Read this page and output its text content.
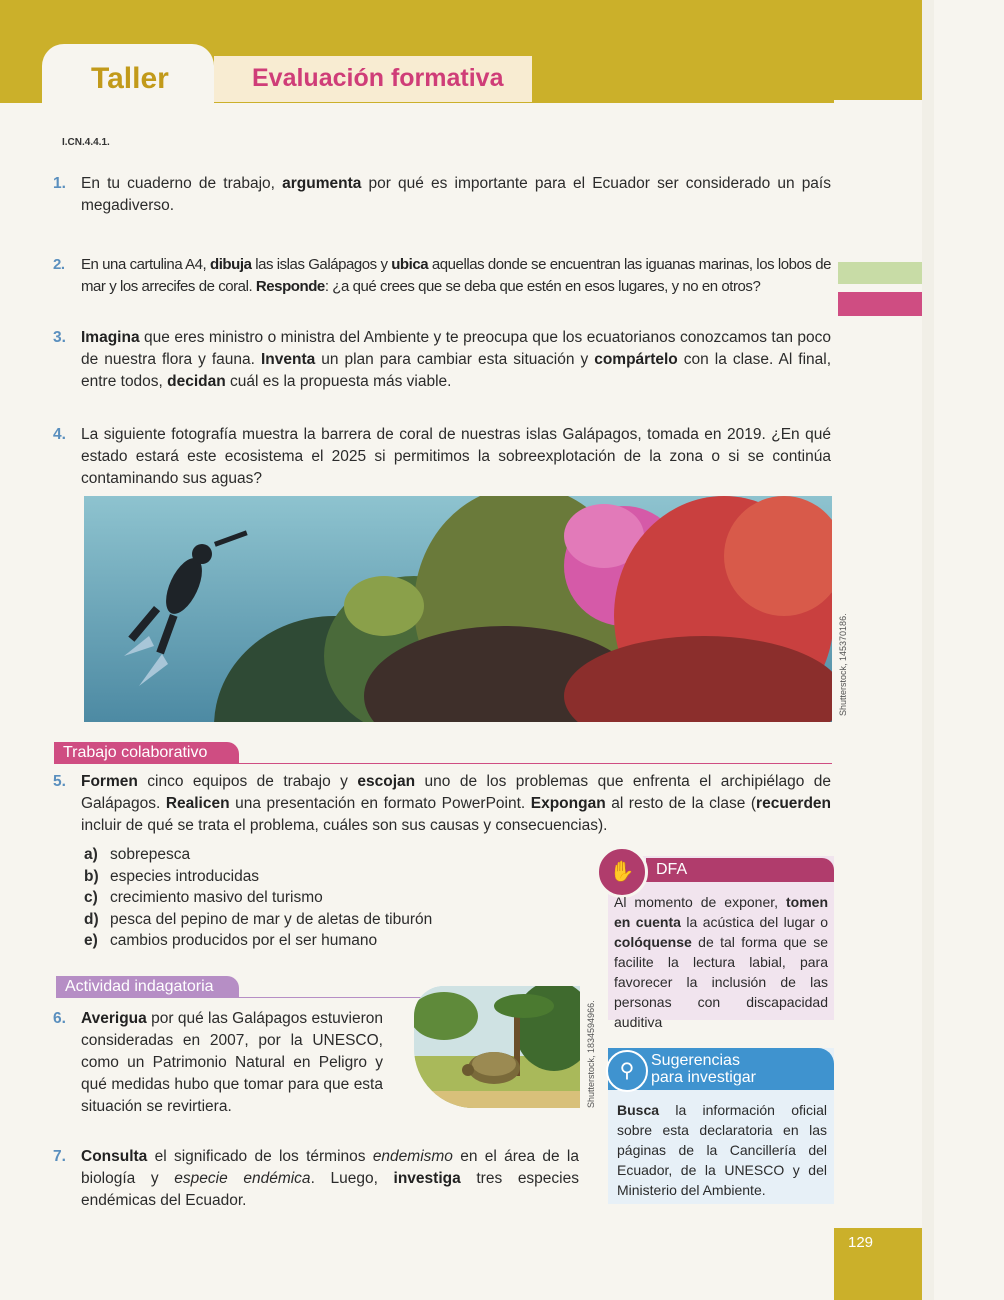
Taller	Evaluación formativa
I.CN.4.4.1.
1. En tu cuaderno de trabajo, argumenta por qué es importante para el Ecuador ser considerado un país megadiverso.
2. En una cartulina A4, dibuja las islas Galápagos y ubica aquellas donde se encuentran las iguanas marinas, los lobos de mar y los arrecifes de coral. Responde: ¿a qué crees que se deba que estén en esos lugares, y no en otros?
3. Imagina que eres ministro o ministra del Ambiente y te preocupa que los ecuatorianos conozcamos tan poco de nuestra flora y fauna. Inventa un plan para cambiar esta situación y compártelo con la clase. Al final, entre todos, decidan cuál es la propuesta más viable.
4. La siguiente fotografía muestra la barrera de coral de nuestras islas Galápagos, tomada en 2019. ¿En qué estado estará este ecosistema el 2025 si permitimos la sobreexplotación de la zona o si se continúa contaminando sus aguas?
Shutterstock, 145370186.
Trabajo colaborativo
5. Formen cinco equipos de trabajo y escojan uno de los problemas que enfrenta el archipiélago de Galápagos. Realicen una presentación en formato PowerPoint. Expongan al resto de la clase (recuerden incluir de qué se trata el problema, cuáles son sus causas y consecuencias).
a) sobrepesca
b) especies introducidas
c) crecimiento masivo del turismo
d) pesca del pepino de mar y de aletas de tiburón
e) cambios producidos por el ser humano
DFA
✋
Al momento de exponer, tomen en cuenta la acústica del lugar o colóquense de tal forma que se facilite la lectura labial, para favorecer la inclusión de las personas con discapacidad auditiva
Actividad indagatoria
6. Averigua por qué las Galápagos estuvieron consideradas en 2007, por la UNESCO, como un Patrimonio Natural en Peligro y qué medidas hubo que tomar para que esta situación se revirtiera.	Shutterstock, 1834594966.	⚲	Sugerencias
para investigar
Busca la información oficial sobre esta declaratoria en las páginas de la Cancillería del Ecuador, de la UNESCO y del Ministerio del Ambiente.
7. Consulta el significado de los términos endemismo en el área de la biología y especie endémica. Luego, investiga tres especies endémicas del Ecuador.
129
